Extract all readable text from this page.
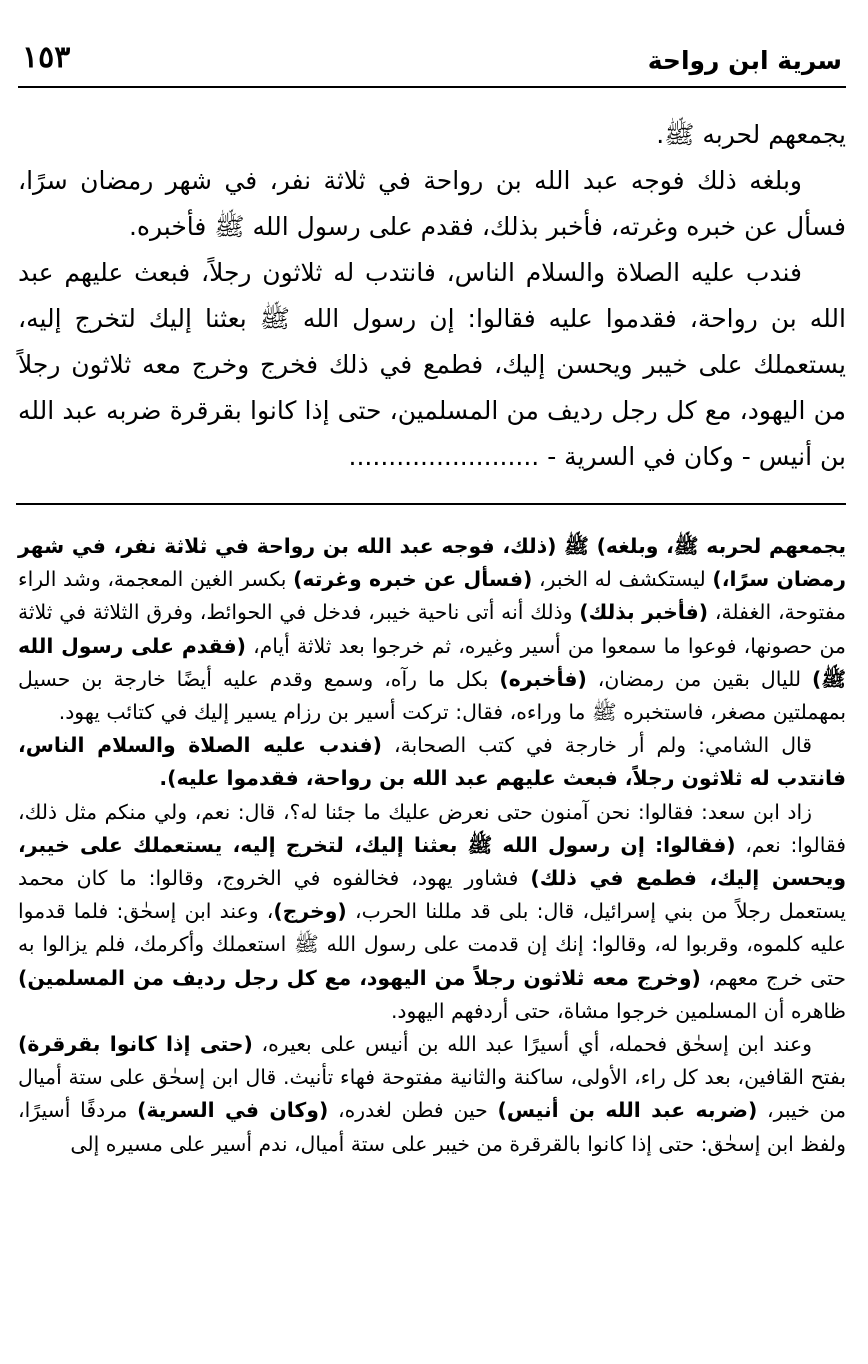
سرية ابن رواحة
١٥٣

يجمعهم لحربه ﷺ.

وبلغه ذلك فوجه عبد الله بن رواحة في ثلاثة نفر، في شهر رمضان سرًا، فسأل عن خبره وغرته، فأخبر بذلك، فقدم على رسول الله ﷺ فأخبره.

فندب عليه الصلاة والسلام الناس، فانتدب له ثلاثون رجلاً، فبعث عليهم عبد الله بن رواحة، فقدموا عليه فقالوا: إن رسول الله ﷺ بعثنا إليك لتخرج إليه، يستعملك على خيبر ويحسن إليك، فطمع في ذلك فخرج وخرج معه ثلاثون رجلاً من اليهود، مع كل رجل رديف من المسلمين، حتى إذا كانوا بقرقرة ضربه عبد الله بن أنيس - وكان في السرية - ........................

يجمعهم لحربه ﷺ، وبلغه) ﷺ (ذلك، فوجه عبد الله بن رواحة في ثلاثة نفر، في شهر رمضان سرًا،) ليستكشف له الخبر، (فسأل عن خبره وغرته) بكسر الغين المعجمة، وشد الراء مفتوحة، الغفلة، (فأخبر بذلك) وذلك أنه أتى ناحية خيبر، فدخل في الحوائط، وفرق الثلاثة في ثلاثة من حصونها، فوعوا ما سمعوا من أسير وغيره، ثم خرجوا بعد ثلاثة أيام، (فقدم على رسول الله ﷺ) لليال بقين من رمضان، (فأخبره) بكل ما رآه، وسمع وقدم عليه أيضًا خارجة بن حسيل بمهملتين مصغر، فاستخبره ﷺ ما وراءه، فقال: تركت أسير بن رزام يسير إليك في كتائب يهود.

قال الشامي: ولم أر خارجة في كتب الصحابة، (فندب عليه الصلاة والسلام الناس، فانتدب له ثلاثون رجلاً، فبعث عليهم عبد الله بن رواحة، فقدموا عليه).

زاد ابن سعد: فقالوا: نحن آمنون حتى نعرض عليك ما جئنا له؟، قال: نعم، ولي منكم مثل ذلك، فقالوا: نعم، (فقالوا: إن رسول الله ﷺ بعثنا إليك، لتخرج إليه، يستعملك على خيبر، ويحسن إليك، فطمع في ذلك) فشاور يهود، فخالفوه في الخروج، وقالوا: ما كان محمد يستعمل رجلاً من بني إسرائيل، قال: بلى قد مللنا الحرب، (وخرج)، وعند ابن إسحٰق: فلما قدموا عليه كلموه، وقربوا له، وقالوا: إنك إن قدمت على رسول الله ﷺ استعملك وأكرمك، فلم يزالوا به حتى خرج معهم، (وخرج معه ثلاثون رجلاً من اليهود، مع كل رجل رديف من المسلمين) ظاهره أن المسلمين خرجوا مشاة، حتى أردفهم اليهود.

وعند ابن إسحٰق فحمله، أي أسيرًا عبد الله بن أنيس على بعيره، (حتى إذا كانوا بقرقرة) بفتح القافين، بعد كل راء، الأولى، ساكنة والثانية مفتوحة فهاء تأنيث. قال ابن إسحٰق على ستة أميال من خيبر، (ضربه عبد الله بن أنيس) حين فطن لغدره، (وكان في السرية) مردفًا أسيرًا، ولفظ ابن إسحٰق: حتى إذا كانوا بالقرقرة من خيبر على ستة أميال، ندم أسير على مسيره إلى
